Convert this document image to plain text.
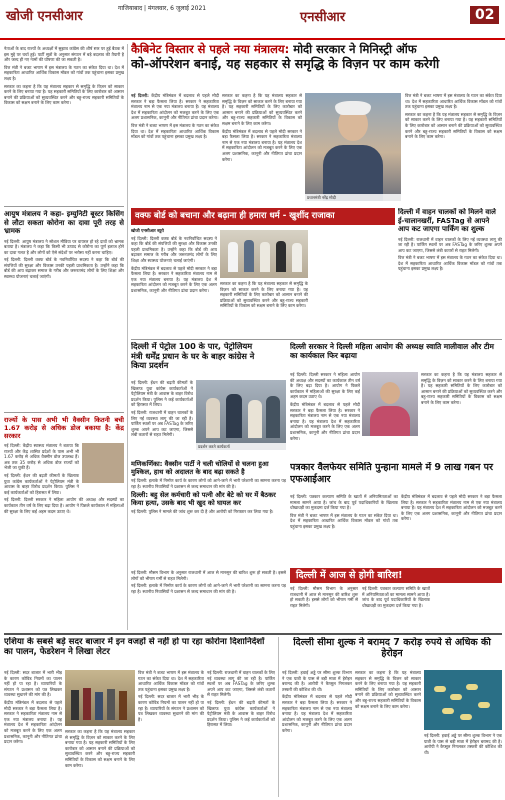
खोजी एनसीआर
गाजियाबाद | मंगलवार, 6 जुलाई 2021
एनसीआर	02

नेताओं के बाद राज्यों के अध्यक्षों में सुझाव कांग्रेस की शीर्ष स्तर पर हुई बैठक में इस मुद्दे पर चर्चा हुई। पार्टी सूत्रों के अनुसार संगठन में बड़े बदलाव की तैयारी है और जल्द ही नए नामों की घोषणा की जा सकती है।

वित्त मंत्री ने बजट भाषण में इस मंत्रालय के गठन का संकेत दिया था। देश में सहकारिता आधारित आर्थिक विकास मॉडल को गांवों तक पहुंचाना इसका प्रमुख लक्ष्य है।

सरकार का कहना है कि यह मंत्रालय सहकार से समृद्धि के विज़न को साकार करने के लिए बनाया गया है। यह सहकारी समितियों के लिए कारोबार को आसान बनाने की प्रक्रियाओं को सुव्यवस्थित करने और बहु-राज्य सहकारी समितियों के विकास को सक्षम बनाने के लिए काम करेगा।

आयुष मंत्रालय ने कहा- इम्युनिटी बूस्टर किसिंग से लौटा सकता कोरोना का दावा पूरी तरह से भ्रामक

नई दिल्ली: आयुष मंत्रालय ने सोशल मीडिया पर वायरल हो रहे दावों को भ्रामक बताया है। मंत्रालय ने कहा कि किसी भी उत्पाद से कोरोना का पूर्ण इलाज होने का दावा गलत है और लोगों को ऐसे संदेशों पर भरोसा नहीं करना चाहिए।

नई दिल्ली: दिल्ली वक्फ बोर्ड के नवनिर्वाचित सदस्य ने कहा कि बोर्ड की संपत्तियों की सुरक्षा और विकास उनकी पहली प्राथमिकता है। उन्होंने कहा कि बोर्ड की आय बढ़ाकर समाज के गरीब और जरूरतमंद लोगों के लिए शिक्षा और स्वास्थ्य योजनाएं चलाई जाएंगी।

राज्यों के पास अभी भी वैक्सीन कितनी बची 1.67 करोड़ से अधिक डोज बकाया है: केंद्र सरकार

नई दिल्ली: केंद्रीय स्वास्थ्य मंत्रालय ने बताया कि राज्यों और केंद्र शासित प्रदेशों के पास अभी भी 1.67 करोड़ से अधिक वैक्सीन डोज उपलब्ध हैं। अब तक 35 करोड़ से अधिक डोज राज्यों को भेजी जा चुकी हैं।

नई दिल्ली: ईंधन की बढ़ती कीमतों के खिलाफ युवा कांग्रेस कार्यकर्ताओं ने पेट्रोलियम मंत्री के आवास के बाहर विरोध प्रदर्शन किया। पुलिस ने कई कार्यकर्ताओं को हिरासत में लिया।

नई दिल्ली: दिल्ली सरकार ने महिला आयोग की अध्यक्ष और सदस्यों का कार्यकाल तीन वर्ष के लिए बढ़ा दिया है। आयोग ने पिछले कार्यकाल में महिलाओं की सुरक्षा के लिए कई अहम कदम उठाए थे।

कैबिनेट विस्तार से पहले नया मंत्रालय: मोदी सरकार ने मिनिस्ट्री ऑफ
को-ऑपरेशन बनाई, यह सहकार से समृद्धि के विज़न पर काम करेगी

नई दिल्ली: केंद्रीय मंत्रिमंडल में बदलाव से पहले मोदी सरकार ने बड़ा फैसला लिया है। सरकार ने सहकारिता मंत्रालय नाम से एक नया मंत्रालय बनाया है। यह मंत्रालय देश में सहकारिता आंदोलन को मजबूत करने के लिए एक अलग प्रशासनिक, कानूनी और नीतिगत ढांचा प्रदान करेगा।

वित्त मंत्री ने बजट भाषण में इस मंत्रालय के गठन का संकेत दिया था। देश में सहकारिता आधारित आर्थिक विकास मॉडल को गांवों तक पहुंचाना इसका प्रमुख लक्ष्य है।

सरकार का कहना है कि यह मंत्रालय सहकार से समृद्धि के विज़न को साकार करने के लिए बनाया गया है। यह सहकारी समितियों के लिए कारोबार को आसान बनाने की प्रक्रियाओं को सुव्यवस्थित करने और बहु-राज्य सहकारी समितियों के विकास को सक्षम बनाने के लिए काम करेगा।

केंद्रीय मंत्रिमंडल में बदलाव से पहले मोदी सरकार ने बड़ा फैसला लिया है। सरकार ने सहकारिता मंत्रालय नाम से एक नया मंत्रालय बनाया है। यह मंत्रालय देश में सहकारिता आंदोलन को मजबूत करने के लिए एक अलग प्रशासनिक, कानूनी और नीतिगत ढांचा प्रदान करेगा।

प्रधानमंत्री नरेंद्र मोदी

वित्त मंत्री ने बजट भाषण में इस मंत्रालय के गठन का संकेत दिया था। देश में सहकारिता आधारित आर्थिक विकास मॉडल को गांवों तक पहुंचाना इसका प्रमुख लक्ष्य है।

सरकार का कहना है कि यह मंत्रालय सहकार से समृद्धि के विज़न को साकार करने के लिए बनाया गया है। यह सहकारी समितियों के लिए कारोबार को आसान बनाने की प्रक्रियाओं को सुव्यवस्थित करने और बहु-राज्य सहकारी समितियों के विकास को सक्षम बनाने के लिए काम करेगा।

वक्फ बोर्ड को बचाना और बढ़ाना ही हमारा धर्म - खुर्शीद राजाका

खोजी एनसीआर ब्यूरो

नई दिल्ली: दिल्ली वक्फ बोर्ड के नवनिर्वाचित सदस्य ने कहा कि बोर्ड की संपत्तियों की सुरक्षा और विकास उनकी पहली प्राथमिकता है। उन्होंने कहा कि बोर्ड की आय बढ़ाकर समाज के गरीब और जरूरतमंद लोगों के लिए शिक्षा और स्वास्थ्य योजनाएं चलाई जाएंगी।

केंद्रीय मंत्रिमंडल में बदलाव से पहले मोदी सरकार ने बड़ा फैसला लिया है। सरकार ने सहकारिता मंत्रालय नाम से एक नया मंत्रालय बनाया है। यह मंत्रालय देश में सहकारिता आंदोलन को मजबूत करने के लिए एक अलग प्रशासनिक, कानूनी और नीतिगत ढांचा प्रदान करेगा।

सरकार का कहना है कि यह मंत्रालय सहकार से समृद्धि के विज़न को साकार करने के लिए बनाया गया है। यह सहकारी समितियों के लिए कारोबार को आसान बनाने की प्रक्रियाओं को सुव्यवस्थित करने और बहु-राज्य सहकारी समितियों के विकास को सक्षम बनाने के लिए काम करेगा।

दिल्ली में वाहन चालकों को मिलने वाले ई-चालानखरीं, FASTag से आपने आप कट जाएगा पार्किंग का शुल्क

नई दिल्ली: राजधानी में वाहन चालकों के लिए नई व्यवस्था लागू की जा रही है। पार्किंग स्थलों पर अब FASTag के जरिए शुल्क अपने आप कट जाएगा, जिससे लंबी कतारों से राहत मिलेगी।

वित्त मंत्री ने बजट भाषण में इस मंत्रालय के गठन का संकेत दिया था। देश में सहकारिता आधारित आर्थिक विकास मॉडल को गांवों तक पहुंचाना इसका प्रमुख लक्ष्य है।

दिल्ली में पेट्रोल 100 के पार, पेट्रोलियम मंत्री धर्मेंद्र प्रधान के घर के बाहर कांग्रेस ने किया प्रदर्शन

नई दिल्ली: ईंधन की बढ़ती कीमतों के खिलाफ युवा कांग्रेस कार्यकर्ताओं ने पेट्रोलियम मंत्री के आवास के बाहर विरोध प्रदर्शन किया। पुलिस ने कई कार्यकर्ताओं को हिरासत में लिया।

नई दिल्ली: राजधानी में वाहन चालकों के लिए नई व्यवस्था लागू की जा रही है। पार्किंग स्थलों पर अब FASTag के जरिए शुल्क अपने आप कट जाएगा, जिससे लंबी कतारों से राहत मिलेगी।

प्रदर्शन करते कार्यकर्ता
दिल्ली सरकार ने दिल्ली महिला आयोग की अध्यक्ष स्वाति मालीवाल और टीम का कार्यकाल फिर बढ़ाया

नई दिल्ली: दिल्ली सरकार ने महिला आयोग की अध्यक्ष और सदस्यों का कार्यकाल तीन वर्ष के लिए बढ़ा दिया है। आयोग ने पिछले कार्यकाल में महिलाओं की सुरक्षा के लिए कई अहम कदम उठाए थे।

केंद्रीय मंत्रिमंडल में बदलाव से पहले मोदी सरकार ने बड़ा फैसला लिया है। सरकार ने सहकारिता मंत्रालय नाम से एक नया मंत्रालय बनाया है। यह मंत्रालय देश में सहकारिता आंदोलन को मजबूत करने के लिए एक अलग प्रशासनिक, कानूनी और नीतिगत ढांचा प्रदान करेगा।

सरकार का कहना है कि यह मंत्रालय सहकार से समृद्धि के विज़न को साकार करने के लिए बनाया गया है। यह सहकारी समितियों के लिए कारोबार को आसान बनाने की प्रक्रियाओं को सुव्यवस्थित करने और बहु-राज्य सहकारी समितियों के विकास को सक्षम बनाने के लिए काम करेगा।

मणिकर्णिका: वैक्सीन पार्टी ने चली चोलियों से चलना हुआ मुश्किल, हाथ को अदालत के बाद बढ़ा सकते है

नई दिल्ली: इलाके में निर्माण कार्य के कारण लोगों को आने-जाने में भारी परेशानी का सामना करना पड़ रहा है। स्थानीय निवासियों ने प्रशासन से जल्द समाधान की मांग की है।

दिल्ली: बहु सेल कर्मचारी को पत्नी और बेटे को घर में बैठकर किया हत्या, उसके बाद भी खुद को घायल कर

नई दिल्ली: पुलिस ने मामले की जांच शुरू कर दी है और आरोपी को गिरफ्तार कर लिया गया है।

पत्रकार वैलफेयर समिति पुन्हाना मामले में 9 लाख गबन पर एफआईआर

नई दिल्ली: पत्रकार कल्याण समिति के खातों में अनियमितताओं का मामला सामने आया है। जांच के बाद पूर्व पदाधिकारियों के खिलाफ धोखाधड़ी का मुकदमा दर्ज किया गया है।

वित्त मंत्री ने बजट भाषण में इस मंत्रालय के गठन का संकेत दिया था। देश में सहकारिता आधारित आर्थिक विकास मॉडल को गांवों तक पहुंचाना इसका प्रमुख लक्ष्य है।

केंद्रीय मंत्रिमंडल में बदलाव से पहले मोदी सरकार ने बड़ा फैसला लिया है। सरकार ने सहकारिता मंत्रालय नाम से एक नया मंत्रालय बनाया है। यह मंत्रालय देश में सहकारिता आंदोलन को मजबूत करने के लिए एक अलग प्रशासनिक, कानूनी और नीतिगत ढांचा प्रदान करेगा।

दिल्ली में आज से होगी बारिश!

नई दिल्ली: मौसम विभाग के अनुसार राजधानी में आज से मानसून की बारिश शुरू हो सकती है। इससे लोगों को भीषण गर्मी से राहत मिलेगी।

नई दिल्ली: इलाके में निर्माण कार्य के कारण लोगों को आने-जाने में भारी परेशानी का सामना करना पड़ रहा है। स्थानीय निवासियों ने प्रशासन से जल्द समाधान की मांग की है।

नई दिल्ली: मौसम विभाग के अनुसार राजधानी में आज से मानसून की बारिश शुरू हो सकती है। इससे लोगों को भीषण गर्मी से राहत मिलेगी।

नई दिल्ली: पत्रकार कल्याण समिति के खातों में अनियमितताओं का मामला सामने आया है। जांच के बाद पूर्व पदाधिकारियों के खिलाफ धोखाधड़ी का मुकदमा दर्ज किया गया है।

एशिया के सबसे बड़े सदर बाजार में इन वजहों से नहीं हो पा रहा कोरोना दिशानिर्देशों का पालन, फेडरेशन ने लिखा लेटर

नई दिल्ली: सदर बाजार में भारी भीड़ के कारण कोविड नियमों का पालन नहीं हो पा रहा है। व्यापारियों के संगठन ने प्रशासन को पत्र लिखकर व्यवस्था सुधारने की मांग की है।

केंद्रीय मंत्रिमंडल में बदलाव से पहले मोदी सरकार ने बड़ा फैसला लिया है। सरकार ने सहकारिता मंत्रालय नाम से एक नया मंत्रालय बनाया है। यह मंत्रालय देश में सहकारिता आंदोलन को मजबूत करने के लिए एक अलग प्रशासनिक, कानूनी और नीतिगत ढांचा प्रदान करेगा।

सरकार का कहना है कि यह मंत्रालय सहकार से समृद्धि के विज़न को साकार करने के लिए बनाया गया है। यह सहकारी समितियों के लिए कारोबार को आसान बनाने की प्रक्रियाओं को सुव्यवस्थित करने और बहु-राज्य सहकारी समितियों के विकास को सक्षम बनाने के लिए काम करेगा।

वित्त मंत्री ने बजट भाषण में इस मंत्रालय के गठन का संकेत दिया था। देश में सहकारिता आधारित आर्थिक विकास मॉडल को गांवों तक पहुंचाना इसका प्रमुख लक्ष्य है।

नई दिल्ली: सदर बाजार में भारी भीड़ के कारण कोविड नियमों का पालन नहीं हो पा रहा है। व्यापारियों के संगठन ने प्रशासन को पत्र लिखकर व्यवस्था सुधारने की मांग की है।

नई दिल्ली: राजधानी में वाहन चालकों के लिए नई व्यवस्था लागू की जा रही है। पार्किंग स्थलों पर अब FASTag के जरिए शुल्क अपने आप कट जाएगा, जिससे लंबी कतारों से राहत मिलेगी।

नई दिल्ली: ईंधन की बढ़ती कीमतों के खिलाफ युवा कांग्रेस कार्यकर्ताओं ने पेट्रोलियम मंत्री के आवास के बाहर विरोध प्रदर्शन किया। पुलिस ने कई कार्यकर्ताओं को हिरासत में लिया।

दिल्ली सीमा शुल्क ने बरामद 7 करोड़ रुपये से अधिक की हेरोइन

नई दिल्ली: हवाई अड्डे पर सीमा शुल्क विभाग ने एक यात्री के पास से बड़ी मात्रा में हेरोइन बरामद की है। आरोपी ने कैप्सूल निगलकर तस्करी की कोशिश की थी।

केंद्रीय मंत्रिमंडल में बदलाव से पहले मोदी सरकार ने बड़ा फैसला लिया है। सरकार ने सहकारिता मंत्रालय नाम से एक नया मंत्रालय बनाया है। यह मंत्रालय देश में सहकारिता आंदोलन को मजबूत करने के लिए एक अलग प्रशासनिक, कानूनी और नीतिगत ढांचा प्रदान करेगा।

सरकार का कहना है कि यह मंत्रालय सहकार से समृद्धि के विज़न को साकार करने के लिए बनाया गया है। यह सहकारी समितियों के लिए कारोबार को आसान बनाने की प्रक्रियाओं को सुव्यवस्थित करने और बहु-राज्य सहकारी समितियों के विकास को सक्षम बनाने के लिए काम करेगा।

नई दिल्ली: हवाई अड्डे पर सीमा शुल्क विभाग ने एक यात्री के पास से बड़ी मात्रा में हेरोइन बरामद की है। आरोपी ने कैप्सूल निगलकर तस्करी की कोशिश की थी।
